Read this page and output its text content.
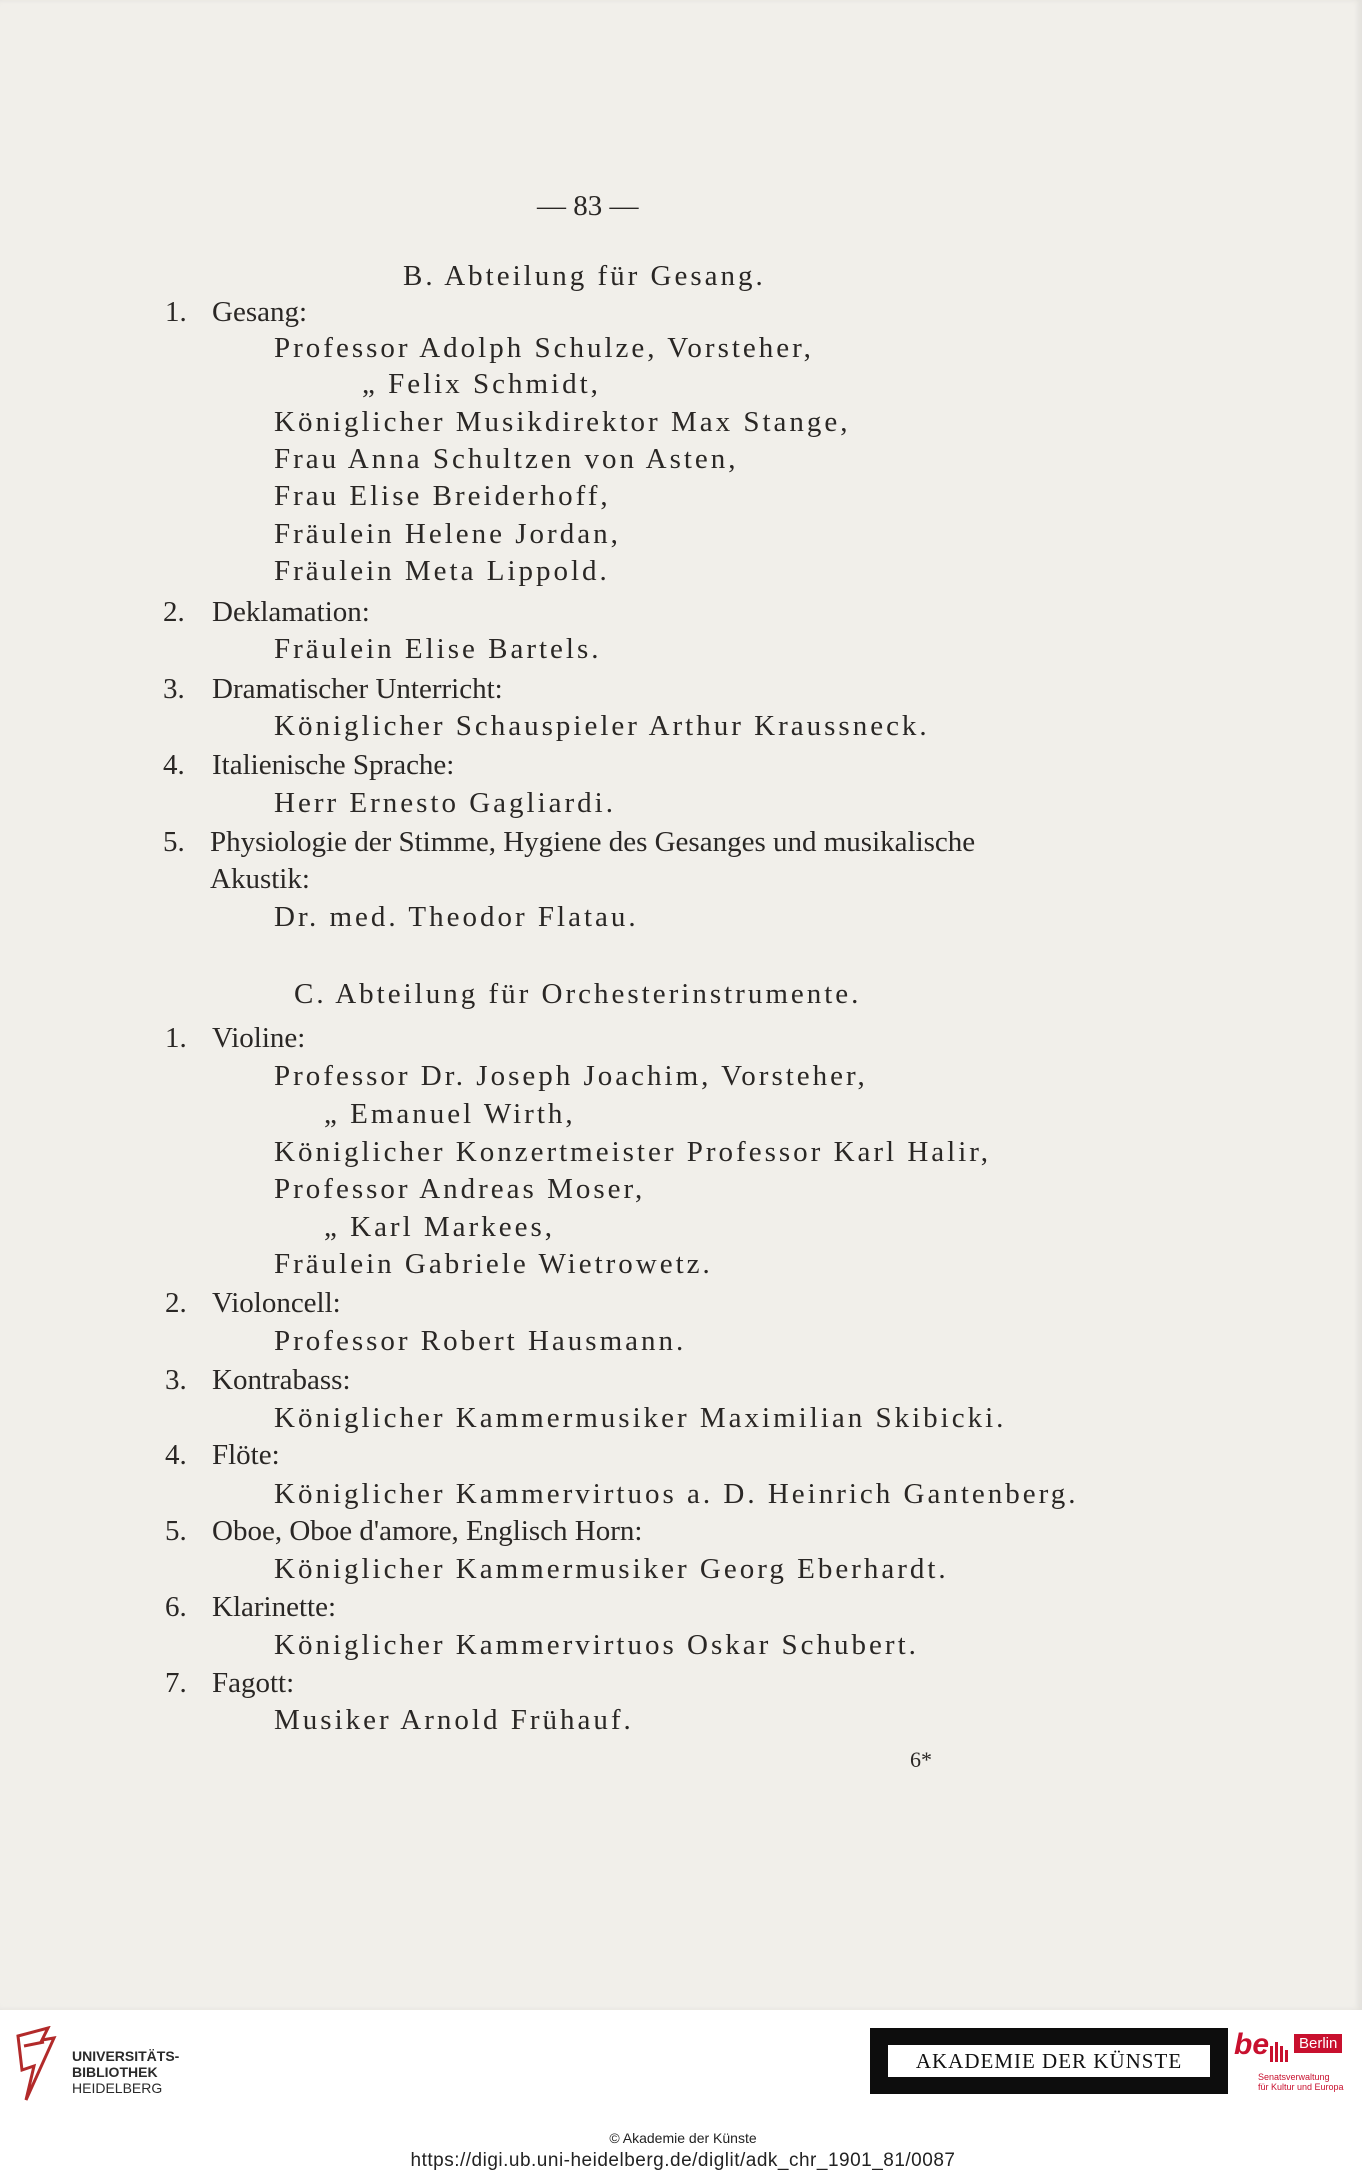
— 83 —
B. Abteilung für Gesang.
1. Gesang:
Professor Adolph Schulze, Vorsteher,
„ Felix Schmidt,
Königlicher Musikdirektor Max Stange,
Frau Anna Schultzen von Asten,
Frau Elise Breiderhoff,
Fräulein Helene Jordan,
Fräulein Meta Lippold.
2. Deklamation:
Fräulein Elise Bartels.
3. Dramatischer Unterricht:
Königlicher Schauspieler Arthur Kraussneck.
4. Italienische Sprache:
Herr Ernesto Gagliardi.
5. Physiologie der Stimme, Hygiene des Gesanges und musikalische
Akustik:
Dr. med. Theodor Flatau.
C. Abteilung für Orchesterinstrumente.
1. Violine:
Professor Dr. Joseph Joachim, Vorsteher,
„ Emanuel Wirth,
Königlicher Konzertmeister Professor Karl Halir,
Professor Andreas Moser,
„ Karl Markees,
Fräulein Gabriele Wietrowetz.
2. Violoncell:
Professor Robert Hausmann.
3. Kontrabass:
Königlicher Kammermusiker Maximilian Skibicki.
4. Flöte:
Königlicher Kammervirtuos a. D. Heinrich Gantenberg.
5. Oboe, Oboe d'amore, Englisch Horn:
Königlicher Kammermusiker Georg Eberhardt.
6. Klarinette:
Königlicher Kammervirtuos Oskar Schubert.
7. Fagott:
Musiker Arnold Frühauf.
6*
UNIVERSITÄTS-
BIBLIOTHEK
HEIDELBERG
AKADEMIE DER KÜNSTE	be	Berlin
Senatsverwaltung
für Kultur und Europa
© Akademie der Künste
https://digi.ub.uni-heidelberg.de/diglit/adk_chr_1901_81/0087
